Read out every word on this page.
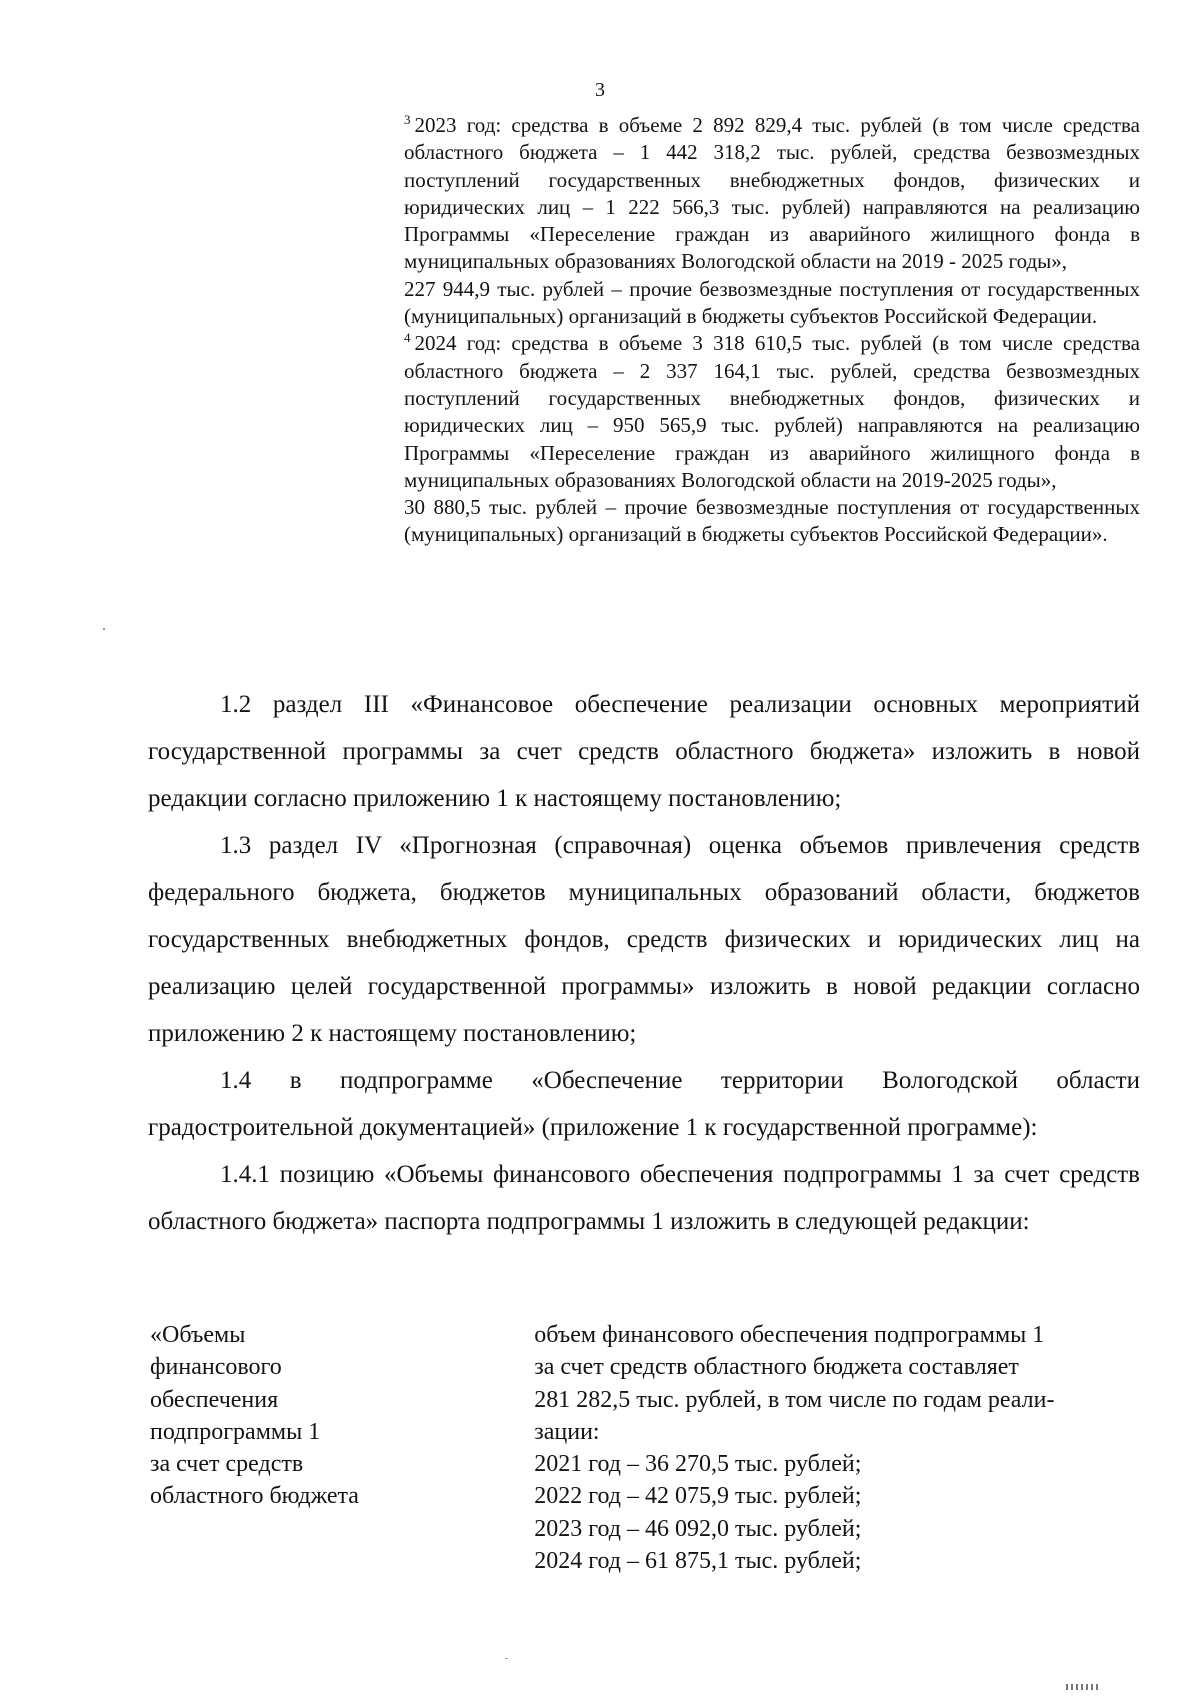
3

$^3$ 2023 год: средства в объеме 2 892 829,4 тыс. рублей (в том числе средства областного бюджета – 1 442 318,2 тыс. рублей, средства безвозмездных поступлений государственных внебюджетных фондов, физических и юридических лиц – 1 222 566,3 тыс. рублей) направляются на реализацию Программы «Переселение граждан из аварийного жилищного фонда в муниципальных образованиях Вологодской области на 2019 - 2025 годы»,

227 944,9 тыс. рублей – прочие безвозмездные поступления от государственных (муниципальных) организаций в бюджеты субъектов Российской Федерации.

$^4$ 2024 год: средства в объеме 3 318 610,5 тыс. рублей (в том числе средства областного бюджета – 2 337 164,1 тыс. рублей, средства безвозмездных поступлений государственных внебюджетных фондов, физических и юридических лиц – 950 565,9 тыс. рублей) направляются на реализацию Программы «Переселение граждан из аварийного жилищного фонда в муниципальных образованиях Вологодской области на 2019-2025 годы»,

30 880,5 тыс. рублей – прочие безвозмездные поступления от государственных (муниципальных) организаций в бюджеты субъектов Российской Федерации».

1.2 раздел III «Финансовое обеспечение реализации основных мероприятий государственной программы за счет средств областного бюджета» изложить в новой редакции согласно приложению 1 к настоящему постановлению;

1.3 раздел IV «Прогнозная (справочная) оценка объемов привлечения средств федерального бюджета, бюджетов муниципальных образований области, бюджетов государственных внебюджетных фондов, средств физических и юридических лиц на реализацию целей государственной программы» изложить в новой редакции согласно приложению 2 к настоящему постановлению;

1.4 в подпрограмме «Обеспечение территории Вологодской области градостроительной документацией» (приложение 1 к государственной программе):

1.4.1 позицию «Объемы финансового обеспечения подпрограммы 1 за счет средств областного бюджета» паспорта подпрограммы 1 изложить в следующей редакции:

«Объемы
финансового
обеспечения
подпрограммы 1
за счет средств
областного бюджета
объем финансового обеспечения подпрограммы 1
за счет средств областного бюджета составляет
281 282,5 тыс. рублей, в том числе по годам реали-
зации:
2021 год – 36 270,5 тыс. рублей;
2022 год – 42 075,9 тыс. рублей;
2023 год – 46 092,0 тыс. рублей;
2024 год – 61 875,1 тыс. рублей;
